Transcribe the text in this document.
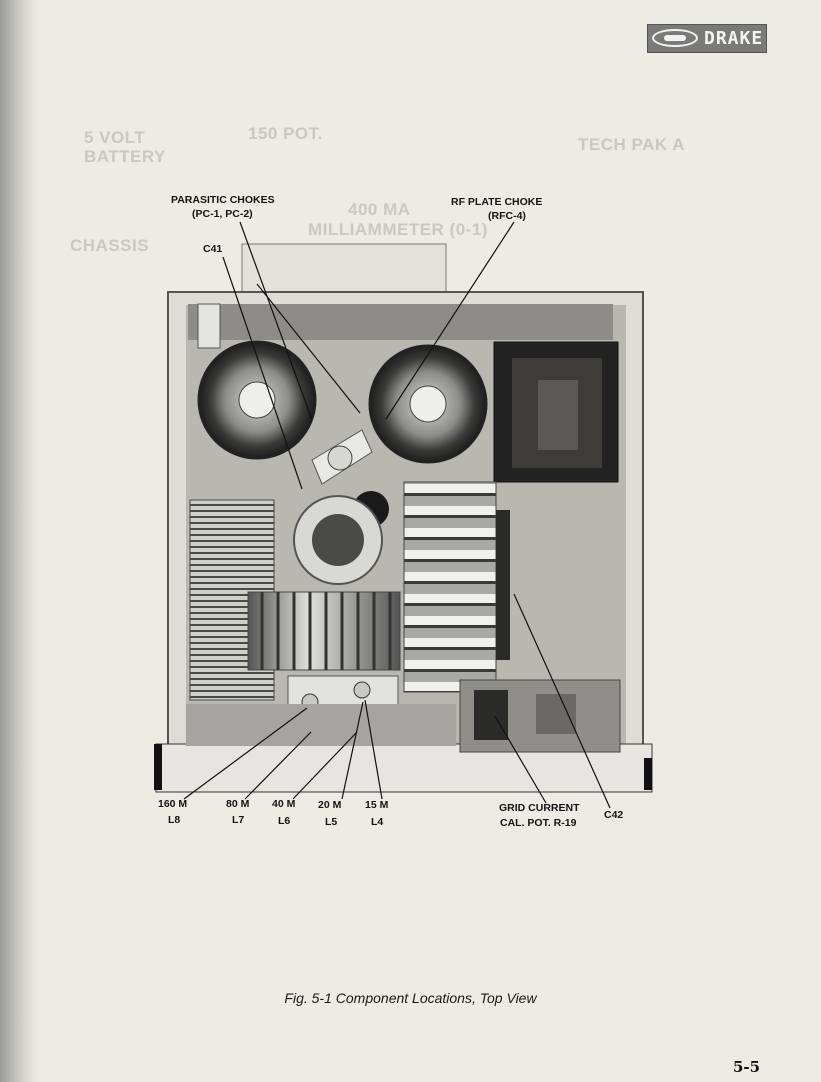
5 VOLT
BATTERY
150 POT.
TECH PAK A
400 MA
MILLIAMMETER (0-1)
CHASSIS
DRAKE
PARASITIC CHOKES
(PC-1, PC-2)
RF PLATE CHOKE
(RFC-4)
C41
160 M
L8
80 M
L7
40 M
L6
20 M
L5
15 M
L4
GRID CURRENT
CAL. POT. R-19
C42
Fig. 5-1 Component Locations, Top View
5-5
